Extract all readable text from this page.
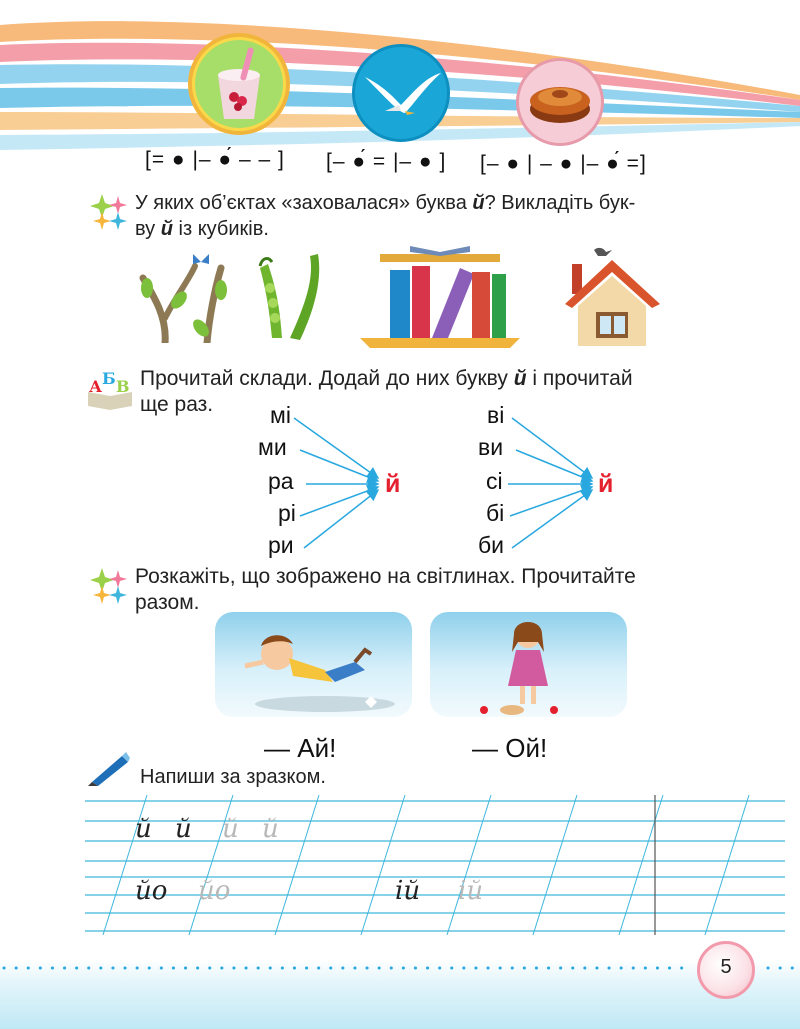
[= ● |– ●́ – – ] [– ●́ = |– ● ] [– ● | – ● |– ●́ =]
У яких об’єктах «заховалася» буква й? Викладіть бук-
ву й із кубиків.
А Б В Прочитай склади. Додай до них букву й і прочитай
ще раз.	мі
ми
ра
рі
ри
й
ві
ви
сі
бі
би
й
Розкажіть, що зображено на світлинах. Прочитайте
разом.
— Ай!	— Ой!
Напиши за зразком.
й й й й
йо йо	ій ій
5
